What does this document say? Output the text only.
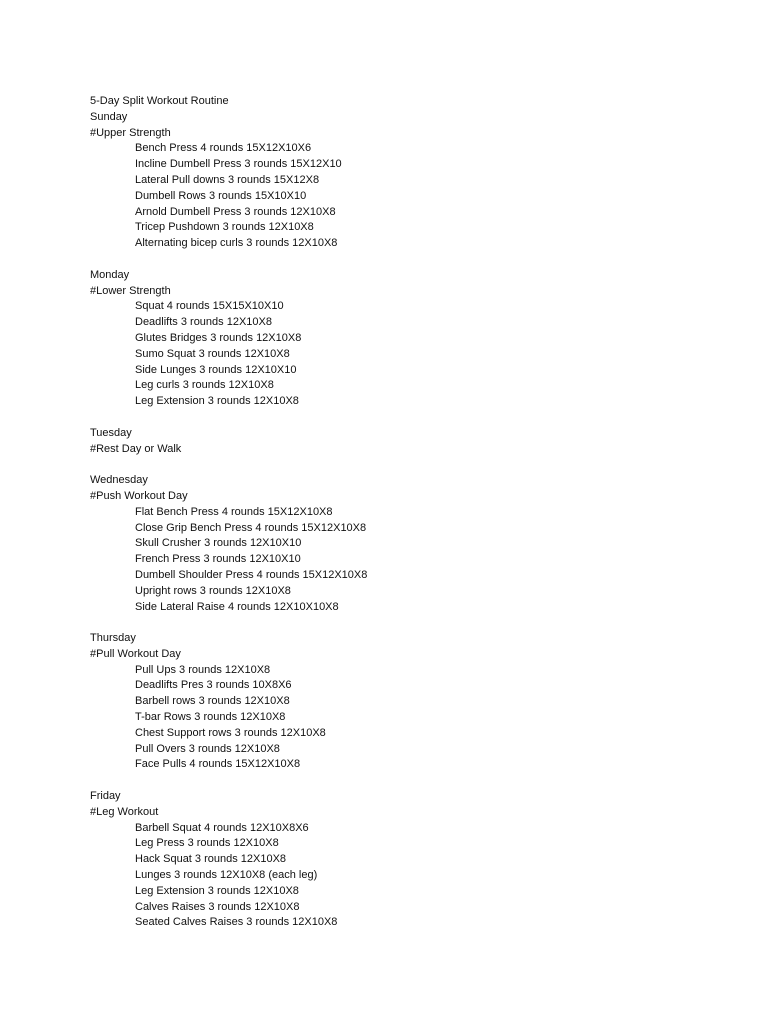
5-Day Split Workout Routine
Sunday
#Upper Strength
Bench Press 4 rounds 15X12X10X6
Incline Dumbell Press 3 rounds 15X12X10
Lateral Pull downs 3 rounds 15X12X8
Dumbell Rows 3 rounds 15X10X10
Arnold Dumbell Press 3 rounds 12X10X8
Tricep Pushdown 3 rounds 12X10X8
Alternating bicep curls 3 rounds 12X10X8
Monday
#Lower Strength
Squat 4 rounds 15X15X10X10
Deadlifts 3 rounds 12X10X8
Glutes Bridges 3 rounds 12X10X8
Sumo Squat 3 rounds 12X10X8
Side Lunges 3 rounds 12X10X10
Leg curls 3 rounds 12X10X8
Leg Extension 3 rounds 12X10X8
Tuesday
#Rest Day or Walk
Wednesday
#Push Workout Day
Flat Bench Press 4 rounds 15X12X10X8
Close Grip Bench Press 4 rounds 15X12X10X8
Skull Crusher 3 rounds 12X10X10
French Press 3 rounds 12X10X10
Dumbell Shoulder Press 4 rounds 15X12X10X8
Upright rows 3 rounds 12X10X8
Side Lateral Raise 4 rounds 12X10X10X8
Thursday
#Pull Workout Day
Pull Ups 3 rounds 12X10X8
Deadlifts Pres 3 rounds 10X8X6
Barbell rows 3 rounds 12X10X8
T-bar Rows 3 rounds 12X10X8
Chest Support rows 3 rounds 12X10X8
Pull Overs 3 rounds 12X10X8
Face Pulls 4 rounds 15X12X10X8
Friday
#Leg Workout
Barbell Squat 4 rounds 12X10X8X6
Leg Press 3 rounds 12X10X8
Hack Squat 3 rounds 12X10X8
Lunges 3 rounds 12X10X8 (each leg)
Leg Extension 3 rounds 12X10X8
Calves Raises 3 rounds 12X10X8
Seated Calves Raises 3 rounds 12X10X8
